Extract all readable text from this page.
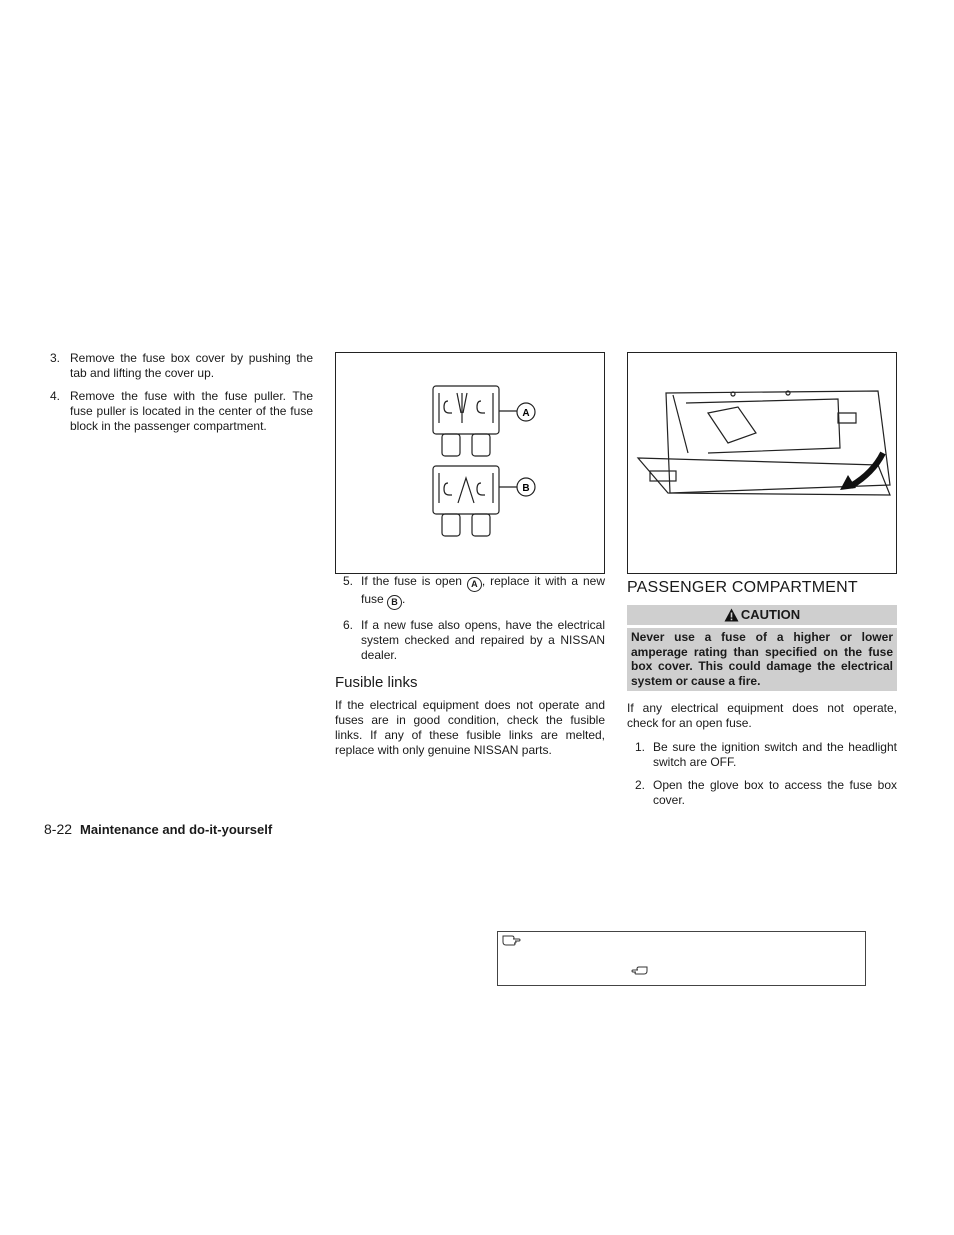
3. Remove the fuse box cover by pushing the tab and lifting the cover up.
4. Remove the fuse with the fuse puller. The fuse puller is located in the center of the fuse block in the passenger compartment.
A
B
5. If the fuse is open A , replace it with a new fuse B .
6. If a new fuse also opens, have the electrical system checked and repaired by a NISSAN dealer.
Fusible links

If the electrical equipment does not operate and fuses are in good condition, check the fusible links. If any of these fusible links are melted, replace with only genuine NISSAN parts.

PASSENGER COMPARTMENT
CAUTION
Never use a fuse of a higher or lower amperage rating than specified on the fuse box cover. This could damage the electrical system or cause a fire.

If any electrical equipment does not operate, check for an open fuse.

1. Be sure the ignition switch and the headlight switch are OFF.
2. Open the glove box to access the fuse box cover.
8-22 Maintenance and do-it-yourself
